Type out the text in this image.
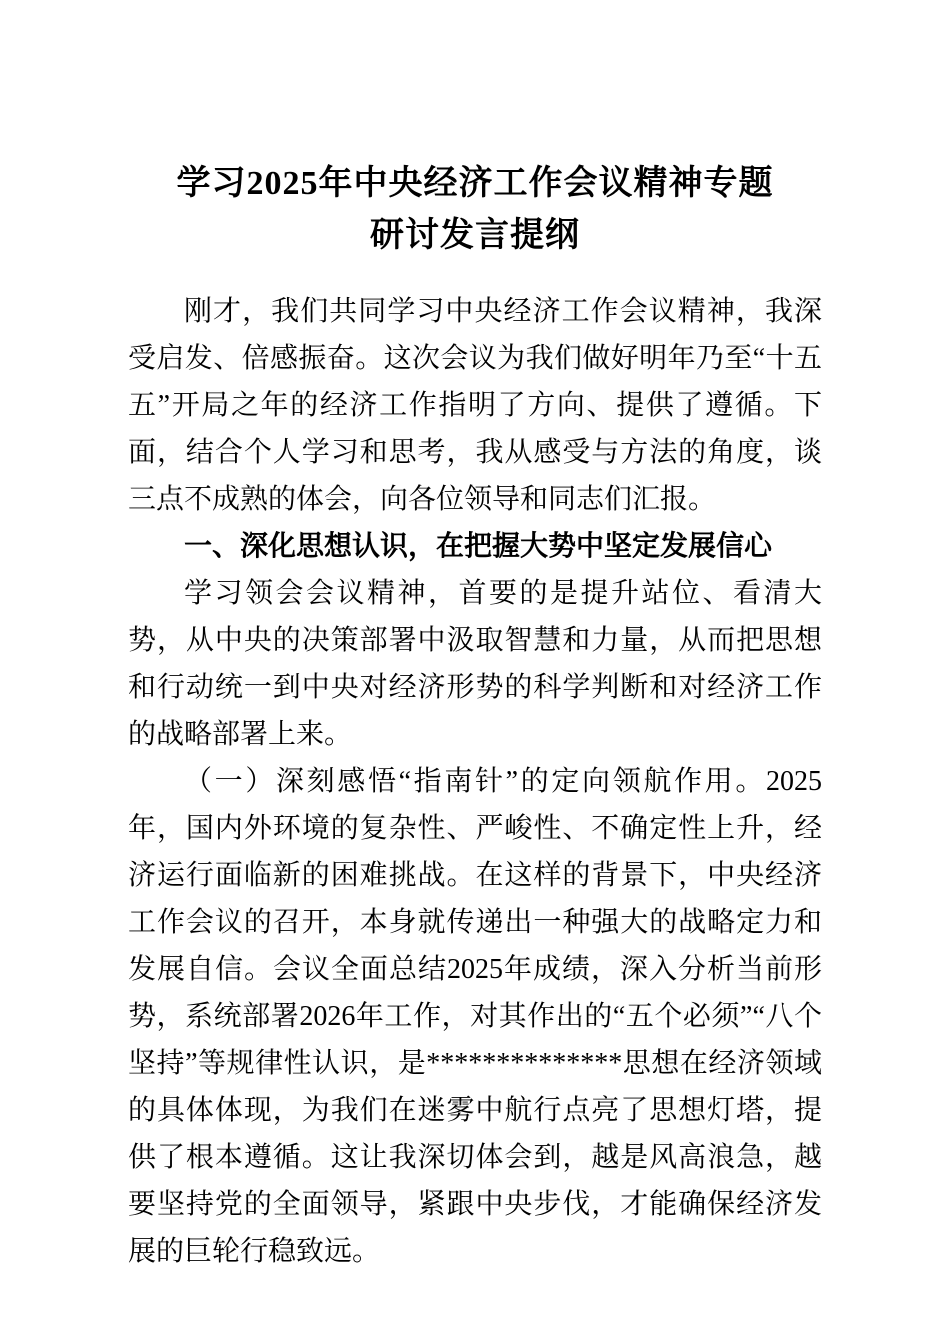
学习2025年中央经济工作会议精神专题
研讨发言提纲

刚才，我们共同学习中央经济工作会议精神，我深受启发、倍感振奋。这次会议为我们做好明年乃至“十五五”开局之年的经济工作指明了方向、提供了遵循。下面，结合个人学习和思考，我从感受与方法的角度，谈三点不成熟的体会，向各位领导和同志们汇报。

一、深化思想认识，在把握大势中坚定发展信心

学习领会会议精神，首要的是提升站位、看清大势，从中央的决策部署中汲取智慧和力量，从而把思想和行动统一到中央对经济形势的科学判断和对经济工作的战略部署上来。

（一）深刻感悟“指南针”的定向领航作用。2025年，国内外环境的复杂性、严峻性、不确定性上升，经济运行面临新的困难挑战。在这样的背景下，中央经济工作会议的召开，本身就传递出一种强大的战略定力和发展自信。会议全面总结2025年成绩，深入分析当前形势，系统部署2026年工作，对其作出的“五个必须”“八个坚持”等规律性认识，是**************思想在经济领域的具体体现，为我们在迷雾中航行点亮了思想灯塔，提供了根本遵循。这让我深切体会到，越是风高浪急，越要坚持党的全面领导，紧跟中央步伐，才能确保经济发展的巨轮行稳致远。
